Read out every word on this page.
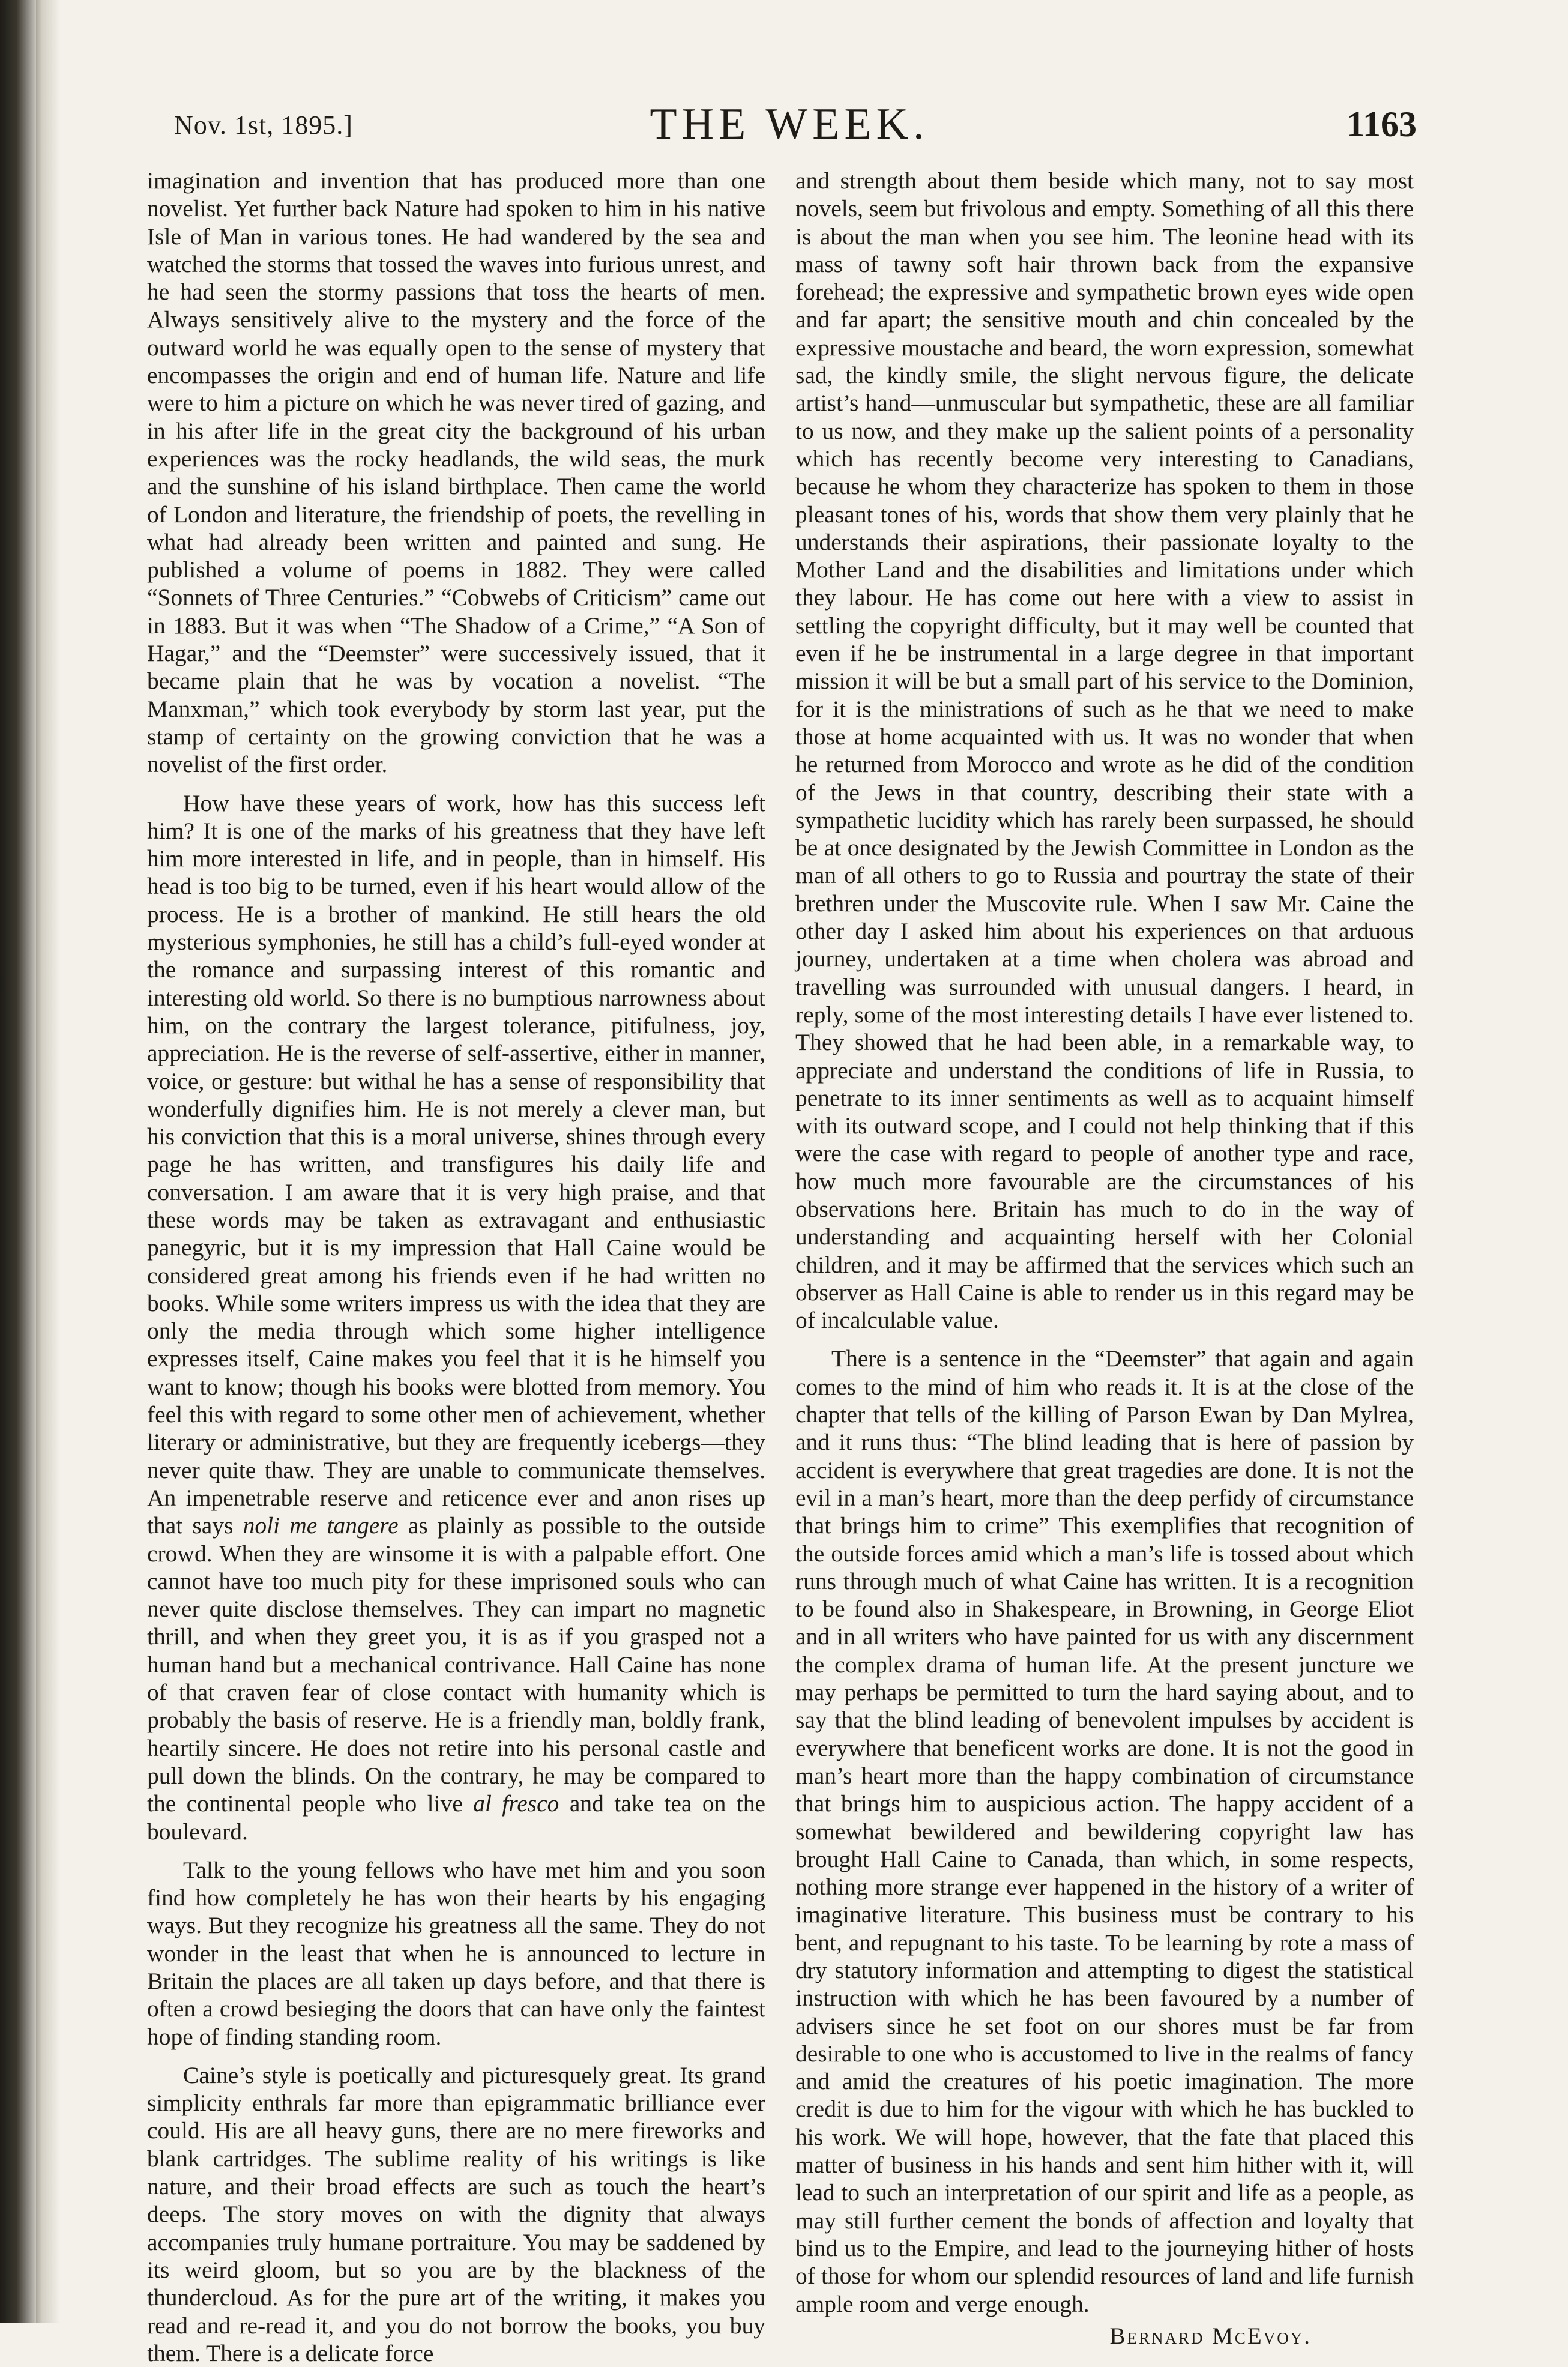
Nov. 1st, 1895.]	THE WEEK.	1163

imagination and invention that has produced more than one novelist. Yet further back Nature had spoken to him in his native Isle of Man in various tones. He had wandered by the sea and watched the storms that tossed the waves into furious unrest, and he had seen the stormy passions that toss the hearts of men. Always sensitively alive to the mystery and the force of the outward world he was equally open to the sense of mystery that encompasses the origin and end of human life. Nature and life were to him a picture on which he was never tired of gazing, and in his after life in the great city the background of his urban experiences was the rocky headlands, the wild seas, the murk and the sunshine of his island birthplace. Then came the world of London and literature, the friendship of poets, the revelling in what had already been written and painted and sung. He published a volume of poems in 1882. They were called “Sonnets of Three Centuries.” “Cobwebs of Criticism” came out in 1883. But it was when “The Shadow of a Crime,” “A Son of Hagar,” and the “Deemster” were successively issued, that it became plain that he was by vocation a novelist. “The Manxman,” which took everybody by storm last year, put the stamp of certainty on the growing conviction that he was a novelist of the first order.

How have these years of work, how has this success left him? It is one of the marks of his greatness that they have left him more interested in life, and in people, than in himself. His head is too big to be turned, even if his heart would allow of the process. He is a brother of mankind. He still hears the old mysterious symphonies, he still has a child’s full-eyed wonder at the romance and surpassing interest of this romantic and interesting old world. So there is no bumptious narrowness about him, on the contrary the largest tolerance, pitifulness, joy, appreciation. He is the reverse of self-assertive, either in manner, voice, or gesture: but withal he has a sense of responsibility that wonderfully dignifies him. He is not merely a clever man, but his conviction that this is a moral universe, shines through every page he has written, and transfigures his daily life and conversation. I am aware that it is very high praise, and that these words may be taken as extravagant and enthusiastic panegyric, but it is my impression that Hall Caine would be considered great among his friends even if he had written no books. While some writers impress us with the idea that they are only the media through which some higher intelligence expresses itself, Caine makes you feel that it is he himself you want to know; though his books were blotted from memory. You feel this with regard to some other men of achievement, whether literary or administrative, but they are frequently icebergs—they never quite thaw. They are unable to communicate themselves. An impenetrable reserve and reticence ever and anon rises up that says noli me tangere as plainly as possible to the outside crowd. When they are winsome it is with a palpable effort. One cannot have too much pity for these imprisoned souls who can never quite disclose themselves. They can impart no magnetic thrill, and when they greet you, it is as if you grasped not a human hand but a mechanical contrivance. Hall Caine has none of that craven fear of close contact with humanity which is probably the basis of reserve. He is a friendly man, boldly frank, heartily sincere. He does not retire into his personal castle and pull down the blinds. On the contrary, he may be compared to the continental people who live al fresco and take tea on the boulevard.

Talk to the young fellows who have met him and you soon find how completely he has won their hearts by his engaging ways. But they recognize his greatness all the same. They do not wonder in the least that when he is announced to lecture in Britain the places are all taken up days before, and that there is often a crowd besieging the doors that can have only the faintest hope of finding standing room.

Caine’s style is poetically and picturesquely great. Its grand simplicity enthrals far more than epigrammatic brilliance ever could. His are all heavy guns, there are no mere fireworks and blank cartridges. The sublime reality of his writings is like nature, and their broad effects are such as touch the heart’s deeps. The story moves on with the dignity that always accompanies truly humane portraiture. You may be saddened by its weird gloom, but so you are by the blackness of the thundercloud. As for the pure art of the writing, it makes you read and re-read it, and you do not borrow the books, you buy them. There is a delicate force

and strength about them beside which many, not to say most novels, seem but frivolous and empty. Something of all this there is about the man when you see him. The leonine head with its mass of tawny soft hair thrown back from the expansive forehead; the expressive and sympathetic brown eyes wide open and far apart; the sensitive mouth and chin concealed by the expressive moustache and beard, the worn expression, somewhat sad, the kindly smile, the slight nervous figure, the delicate artist’s hand—unmuscular but sympathetic, these are all familiar to us now, and they make up the salient points of a personality which has recently become very interesting to Canadians, because he whom they characterize has spoken to them in those pleasant tones of his, words that show them very plainly that he understands their aspirations, their passionate loyalty to the Mother Land and the disabilities and limitations under which they labour. He has come out here with a view to assist in settling the copyright difficulty, but it may well be counted that even if he be instrumental in a large degree in that important mission it will be but a small part of his service to the Dominion, for it is the ministrations of such as he that we need to make those at home acquainted with us. It was no wonder that when he returned from Morocco and wrote as he did of the condition of the Jews in that country, describing their state with a sympathetic lucidity which has rarely been surpassed, he should be at once designated by the Jewish Committee in London as the man of all others to go to Russia and pourtray the state of their brethren under the Muscovite rule. When I saw Mr. Caine the other day I asked him about his experiences on that arduous journey, undertaken at a time when cholera was abroad and travelling was surrounded with unusual dangers. I heard, in reply, some of the most interesting details I have ever listened to. They showed that he had been able, in a remarkable way, to appreciate and understand the conditions of life in Russia, to penetrate to its inner sentiments as well as to acquaint himself with its outward scope, and I could not help thinking that if this were the case with regard to people of another type and race, how much more favourable are the circumstances of his observations here. Britain has much to do in the way of understanding and acquainting herself with her Colonial children, and it may be affirmed that the services which such an observer as Hall Caine is able to render us in this regard may be of incalculable value.

There is a sentence in the “Deemster” that again and again comes to the mind of him who reads it. It is at the close of the chapter that tells of the killing of Parson Ewan by Dan Mylrea, and it runs thus: “The blind leading that is here of passion by accident is everywhere that great tragedies are done. It is not the evil in a man’s heart, more than the deep perfidy of circumstance that brings him to crime” This exemplifies that recognition of the outside forces amid which a man’s life is tossed about which runs through much of what Caine has written. It is a recognition to be found also in Shakespeare, in Browning, in George Eliot and in all writers who have painted for us with any discernment the complex drama of human life. At the present juncture we may perhaps be permitted to turn the hard saying about, and to say that the blind leading of benevolent impulses by accident is everywhere that beneficent works are done. It is not the good in man’s heart more than the happy combination of circumstance that brings him to auspicious action. The happy accident of a somewhat bewildered and bewildering copyright law has brought Hall Caine to Canada, than which, in some respects, nothing more strange ever happened in the history of a writer of imaginative literature. This business must be contrary to his bent, and repugnant to his taste. To be learning by rote a mass of dry statutory information and attempting to digest the statistical instruction with which he has been favoured by a number of advisers since he set foot on our shores must be far from desirable to one who is accustomed to live in the realms of fancy and amid the creatures of his poetic imagination. The more credit is due to him for the vigour with which he has buckled to his work. We will hope, however, that the fate that placed this matter of business in his hands and sent him hither with it, will lead to such an interpretation of our spirit and life as a people, as may still further cement the bonds of affection and loyalty that bind us to the Empire, and lead to the journeying hither of hosts of those for whom our splendid resources of land and life furnish ample room and verge enough.

Bernard McEvoy.
